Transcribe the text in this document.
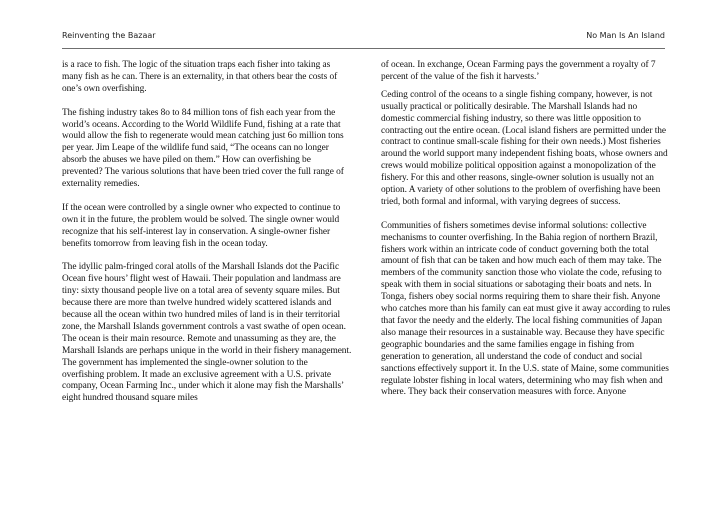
Reinventing the Bazaar	No Man Is An Island

is a race to fish. The logic of the situation traps each fisher into taking as many fish as he can. There is an externality, in that others bear the costs of one’s own overfishing.

The fishing industry takes 8o to 84 million tons of fish each year from the world’s oceans. According to the World Wildlife Fund, fishing at a rate that would allow the fish to regenerate would mean catching just 6o million tons per year. Jim Leape of the wildlife fund said, “The oceans can no longer absorb the abuses we have piled on them.” How can overfishing be prevented? The various solutions that have been tried cover the full range of externality remedies.

If the ocean were controlled by a single owner who expected to continue to own it in the future, the problem would be solved. The single owner would recognize that his self-interest lay in conservation. A single-owner fisher benefits tomorrow from leaving fish in the ocean today.

The idyllic palm-fringed coral atolls of the Marshall Islands dot the Pacific Ocean five hours’ flight west of Hawaii. Their population and landmass are tiny: sixty thousand people live on a total area of seventy square miles. But because there are more than twelve hundred widely scattered islands and because all the ocean within two hundred miles of land is in their territorial zone, the Marshall Islands government controls a vast swathe of open ocean. The ocean is their main resource. Remote and unassuming as they are, the Marshall Islands are perhaps unique in the world in their fishery management. The government has implemented the single-owner solution to the overfishing problem. It made an exclusive agreement with a U.S. private company, Ocean Farming Inc., under which it alone may fish the Marshalls’ eight hundred thousand square miles

of ocean. In exchange, Ocean Farming pays the government a royalty of 7 percent of the value of the fish it harvests.’

Ceding control of the oceans to a single fishing company, however, is not usually practical or politically desirable. The Marshall Islands had no domestic commercial fishing industry, so there was little opposition to contracting out the entire ocean. (Local island fishers are permitted under the contract to continue small-scale fishing for their own needs.) Most fisheries around the world support many independent fishing boats, whose owners and crews would mobilize political opposition against a monopolization of the fishery. For this and other reasons, single-owner solution is usually not an option. A variety of other solutions to the problem of overfishing have been tried, both formal and informal, with varying degrees of success.

Communities of fishers sometimes devise informal solutions: collective mechanisms to counter overfishing. In the Bahia region of northern Brazil, fishers work within an intricate code of conduct governing both the total amount of fish that can be taken and how much each of them may take. The members of the community sanction those who violate the code, refusing to speak with them in social situations or sabotaging their boats and nets. In Tonga, fishers obey social norms requiring them to share their fish. Anyone who catches more than his family can eat must give it away according to rules that favor the needy and the elderly. The local fishing communities of Japan also manage their resources in a sustainable way. Because they have specific geographic boundaries and the same families engage in fishing from generation to generation, all understand the code of conduct and social sanctions effectively support it. In the U.S. state of Maine, some communities regulate lobster fishing in local waters, determining who may fish when and where. They back their conservation measures with force. Anyone
